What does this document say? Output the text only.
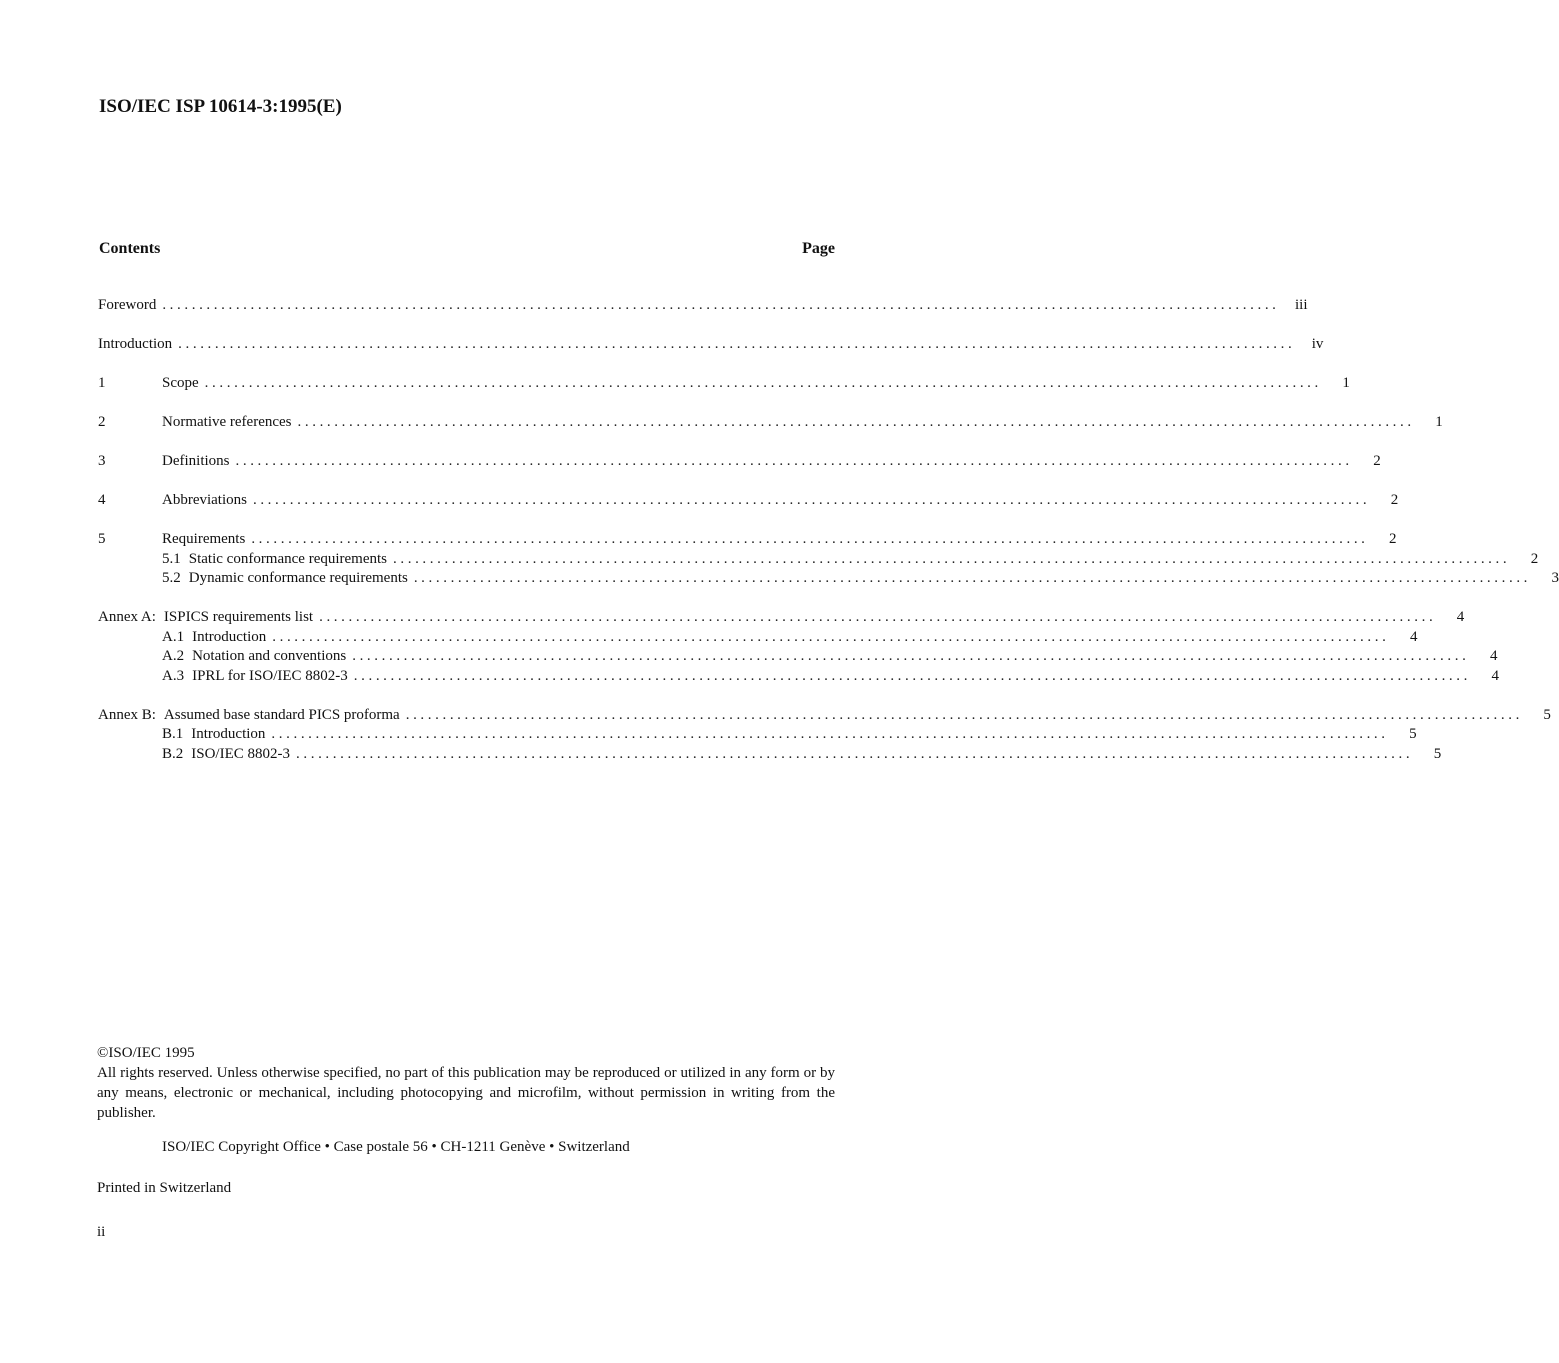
ISO/IEC ISP 10614-3:1995(E)
Contents	Page
Foreword ........................................................................................................................................................	iii
Introduction ........................................................................................................................................................	iv
1	Scope ........................................................................................................................................................	1
2	Normative references ........................................................................................................................................................	1
3	Definitions ........................................................................................................................................................	2
4	Abbreviations ........................................................................................................................................................	2
5	Requirements ........................................................................................................................................................	2
5.1 Static conformance requirements ........................................................................................................................................................	2
5.2 Dynamic conformance requirements ........................................................................................................................................................	3
Annex A: ISPICS requirements list ........................................................................................................................................................	4
A.1 Introduction ........................................................................................................................................................	4
A.2 Notation and conventions ........................................................................................................................................................	4
A.3 IPRL for ISO/IEC 8802-3 ........................................................................................................................................................	4
Annex B: Assumed base standard PICS proforma ........................................................................................................................................................	5
B.1 Introduction ........................................................................................................................................................	5
B.2 ISO/IEC 8802-3 ........................................................................................................................................................	5
©ISO/IEC 1995
All rights reserved. Unless otherwise specified, no part of this publication may be reproduced or utilized in any form or by any means, electronic or mechanical, including photocopying and microfilm, without permission in writing from the publisher.
ISO/IEC Copyright Office • Case postale 56 • CH-1211 Genève • Switzerland
Printed in Switzerland
ii
